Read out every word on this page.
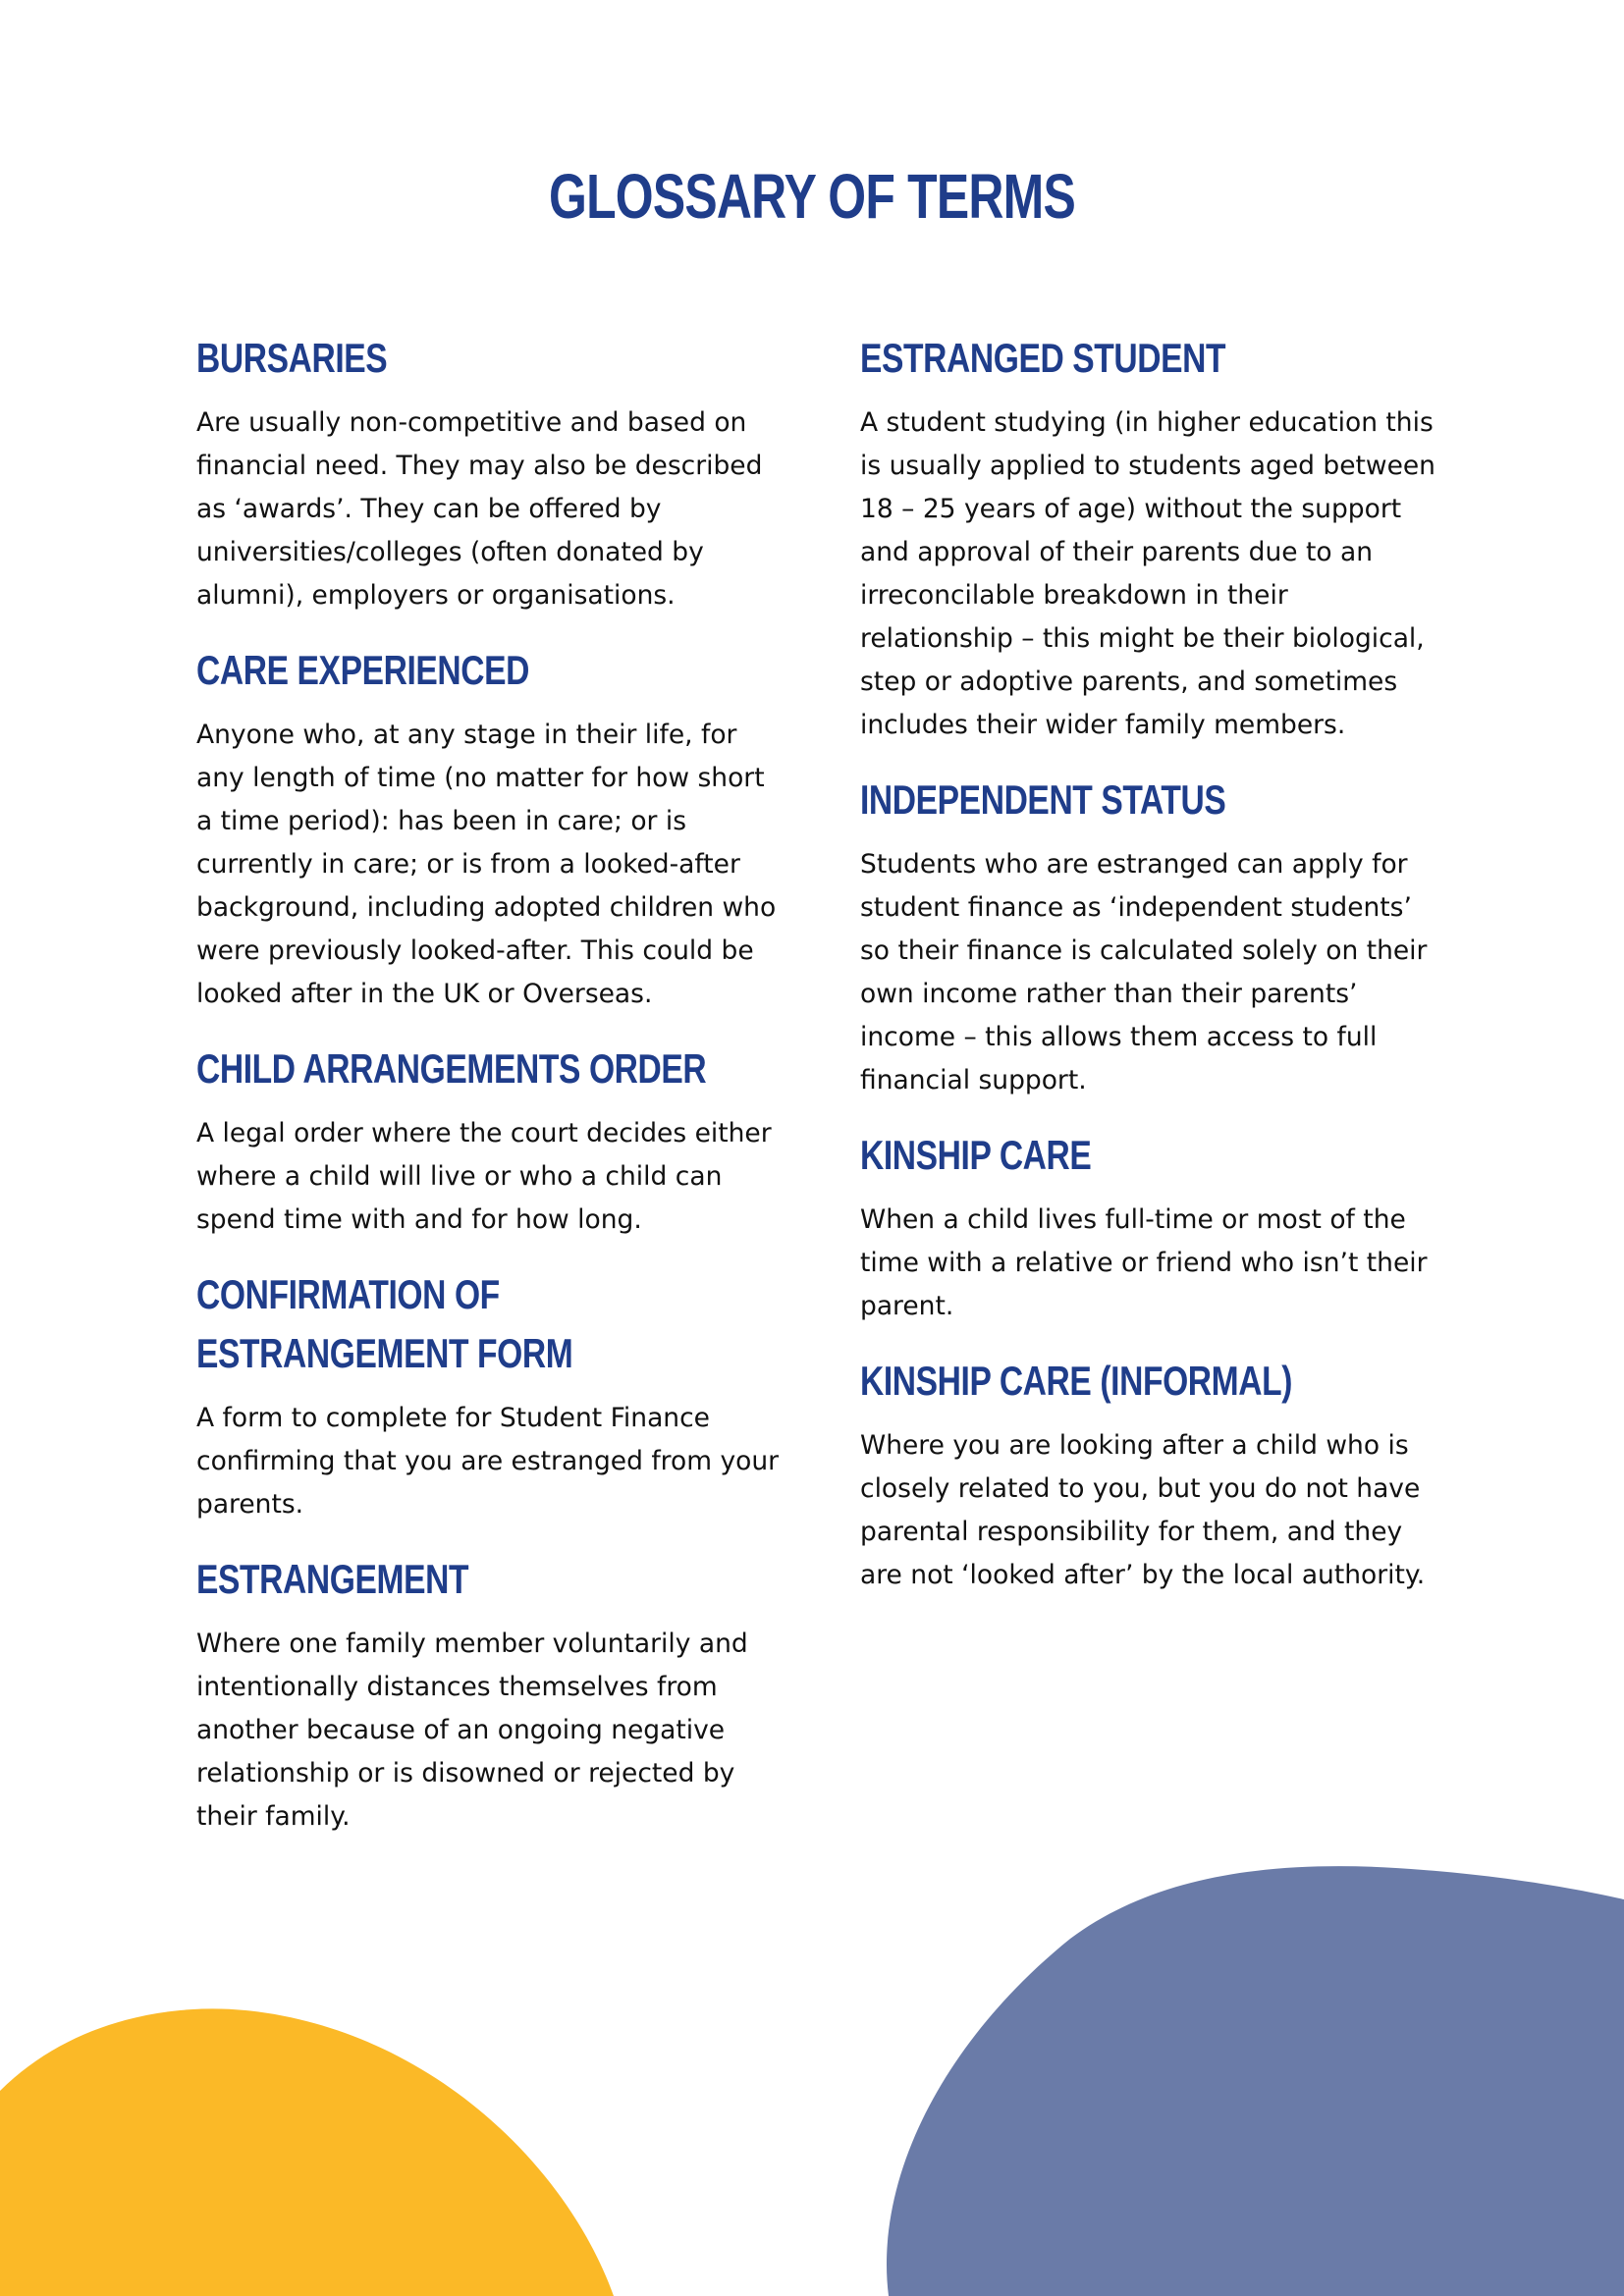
GLOSSARY OF TERMS
BURSARIES

Are usually non-competitive and based on financial need. They may also be described as ‘awards’. They can be offered by universities/colleges (often donated by alumni), employers or organisations.

CARE EXPERIENCED

Anyone who, at any stage in their life, for any length of time (no matter for how short a time period): has been in care; or is currently in care; or is from a looked-after background, including adopted children who were previously looked-after. This could be looked after in the UK or Overseas.

CHILD ARRANGEMENTS ORDER

A legal order where the court decides either where a child will live or who a child can spend time with and for how long.

CONFIRMATION OF ESTRANGEMENT FORM

A form to complete for Student Finance confirming that you are estranged from your parents.

ESTRANGEMENT

Where one family member voluntarily and intentionally distances themselves from another because of an ongoing negative relationship or is disowned or rejected by their family.

ESTRANGED STUDENT

A student studying (in higher education this is usually applied to students aged between 18 – 25 years of age) without the support and approval of their parents due to an irreconcilable breakdown in their relationship – this might be their biological, step or adoptive parents, and sometimes includes their wider family members.

INDEPENDENT STATUS

Students who are estranged can apply for student finance as ‘independent students’ so their finance is calculated solely on their own income rather than their parents’ income – this allows them access to full financial support.

KINSHIP CARE

When a child lives full-time or most of the time with a relative or friend who isn’t their parent.

KINSHIP CARE (INFORMAL)

Where you are looking after a child who is closely related to you, but you do not have parental responsibility for them, and they are not ‘looked after’ by the local authority.
